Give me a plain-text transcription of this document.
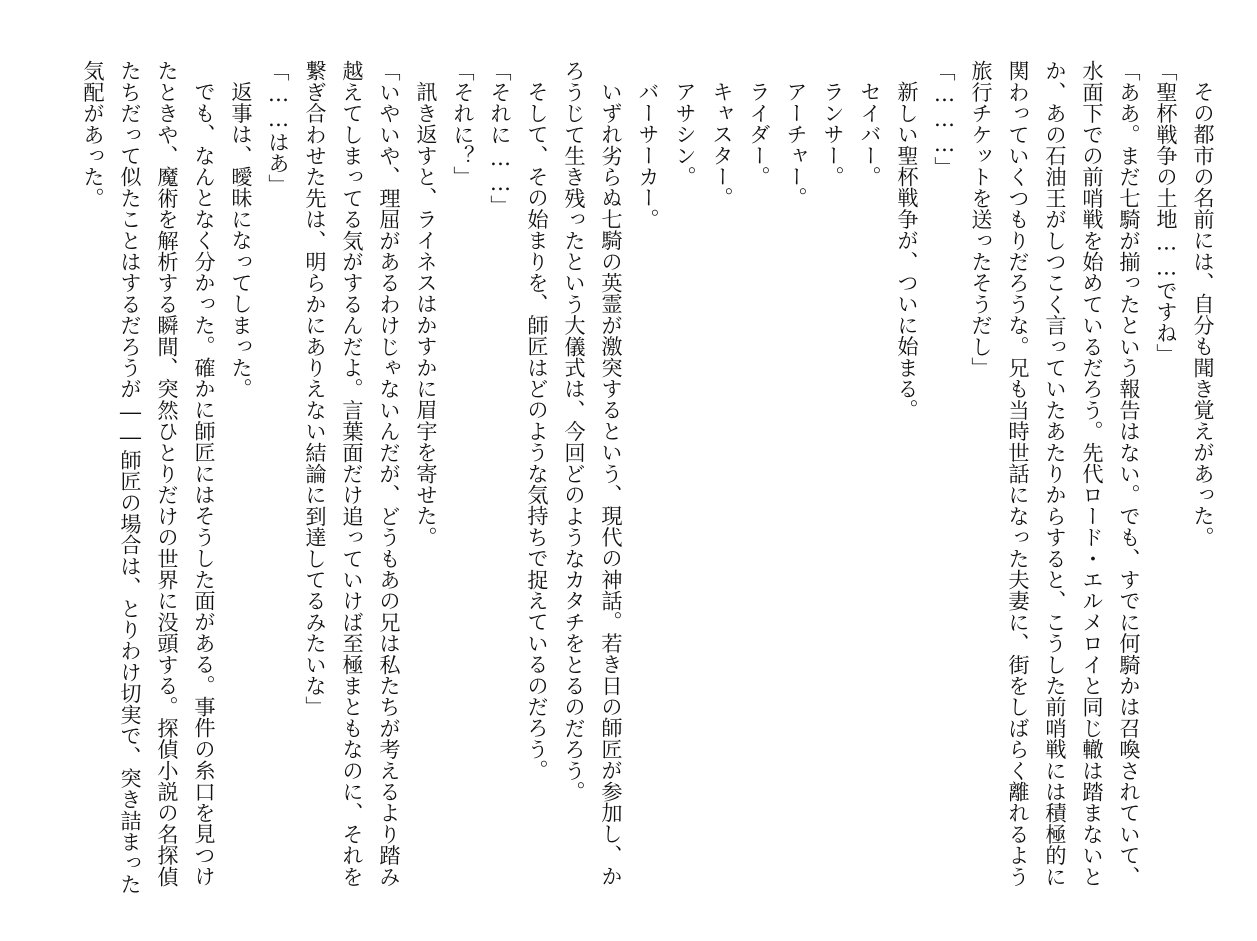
その都市の名前には、自分も聞き覚えがあった。
「聖杯戦争の土地……ですね」
「ああ。まだ七騎が揃ったという報告はない。でも、すでに何騎かは召喚されていて、
水面下での前哨戦を始めているだろう。先代ロード・エルメロイと同じ轍は踏まないと
か、あの石油王がしつこく言っていたあたりからすると、こうした前哨戦には積極的に
関わっていくつもりだろうな。兄も当時世話になった夫妻に、街をしばらく離れるよう
旅行チケットを送ったそうだし」
「………」
新しい聖杯戦争が、ついに始まる。
セイバー。
ランサー。
アーチャー。
ライダー。
キャスター。
アサシン。
バーサーカー。
いずれ劣らぬ七騎の英霊が激突するという、現代の神話。若き日の師匠が参加し、か
ろうじて生き残ったという大儀式は、今回どのようなカタチをとるのだろう。
そして、その始まりを、師匠はどのような気持ちで捉えているのだろう。
「それに……」
「それに？」
訊き返すと、ライネスはかすかに眉宇を寄せた。
「いやいや、理屈があるわけじゃないんだが、どうもあの兄は私たちが考えるより踏み
越えてしまってる気がするんだよ。言葉面だけ追っていけば至極まともなのに、それを
繋ぎ合わせた先は、明らかにありえない結論に到達してるみたいな」
「……はあ」
返事は、曖昧になってしまった。
でも、なんとなく分かった。確かに師匠にはそうした面がある。事件の糸口を見つけ
たときや、魔術を解析する瞬間、突然ひとりだけの世界に没頭する。探偵小説の名探偵
たちだって似たことはするだろうが――師匠の場合は、とりわけ切実で、突き詰まった
気配があった。
